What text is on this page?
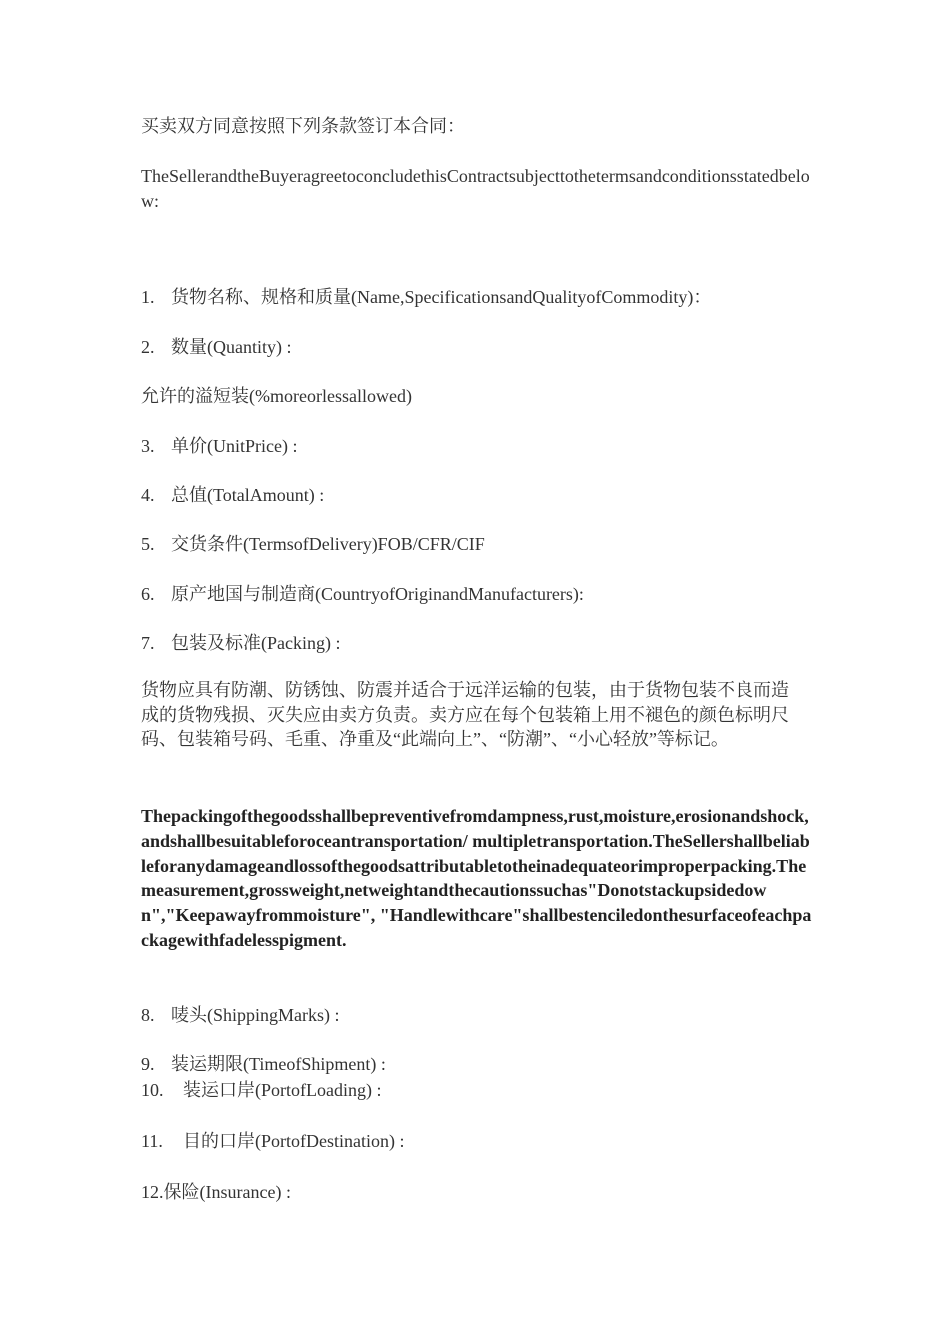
买卖双方同意按照下列条款签订本合同：
TheSellerandtheBuyeragreetoconcludethisContractsubjecttothetermsandconditionsstatedbelow:
1. 货物名称、规格和质量(Name,SpecificationsandQualityofCommodity)：
2. 数量(Quantity) :
允许的溢短装(%moreorlessallowed)
3. 单价(UnitPrice) :
4. 总值(TotalAmount) :
5. 交货条件(TermsofDelivery)FOB/CFR/CIF
6. 原产地国与制造商(CountryofOriginandManufacturers):
7. 包装及标准(Packing) :
货物应具有防潮、防锈蚀、防震并适合于远洋运输的包装，由于货物包装不良而造成的货物残损、灭失应由卖方负责。卖方应在每个包装箱上用不褪色的颜色标明尺码、包装箱号码、毛重、净重及“此端向上”、“防潮”、“小心轻放”等标记。
Thepackingofthegoodsshallbepreventivefromdampness,rust,moisture,erosionandshock,andshallbesuitableforoceantransportation/ multipletransportation.TheSellershallbeliableforanydamageandlossofthegoodsattributabletotheinadequateorimproperpacking.Themeasurement,grossweight,netweightandthecautionssuchas"Donotstackupsidedown","Keepawayfrommoisture", "Handlewithcare"shallbestenciledonthesurfaceofeachpackagewithfadelesspigment.
8. 唛头(ShippingMarks) :
9. 装运期限(TimeofShipment) :
10. 装运口岸(PortofLoading) :
11. 目的口岸(PortofDestination) :
12.保险(Insurance) :
